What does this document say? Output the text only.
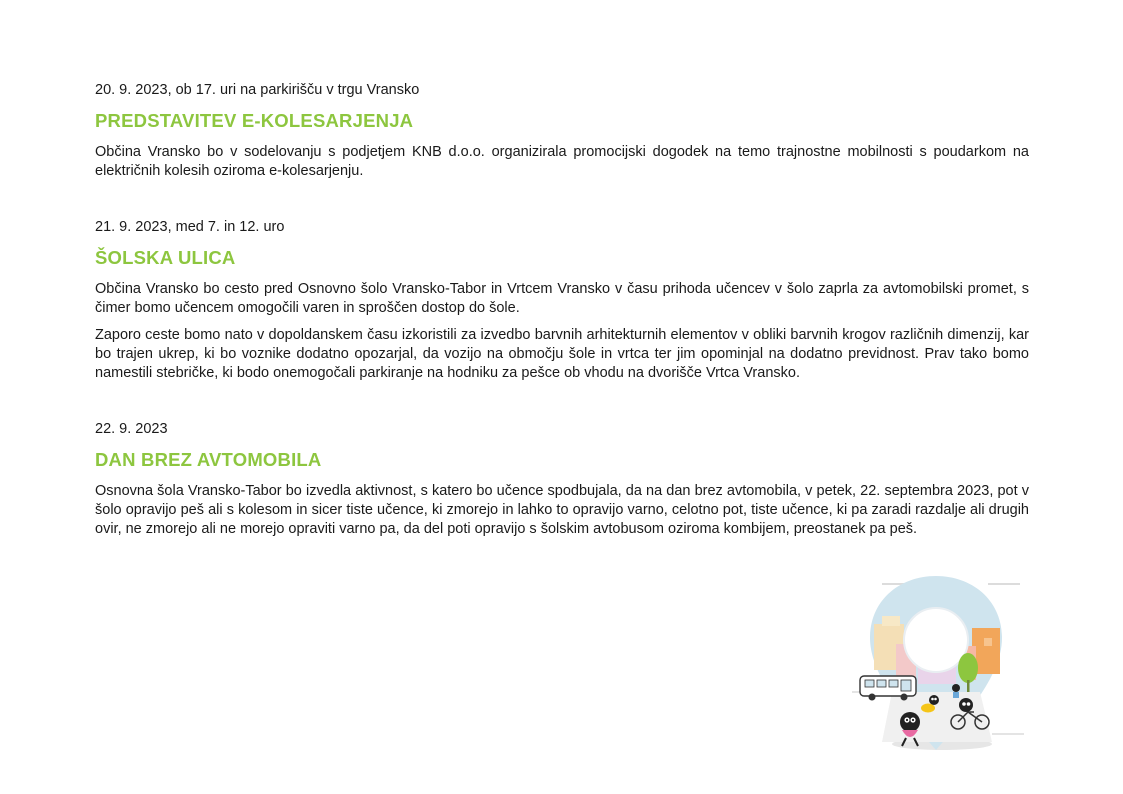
20. 9. 2023, ob 17. uri na parkirišču v trgu Vransko

PREDSTAVITEV E-KOLESARJENJA

Občina Vransko bo v sodelovanju s podjetjem KNB d.o.o. organizirala promocijski dogodek na temo trajnostne mobilnosti s poudarkom na električnih kolesih oziroma e-kolesarjenju.

21. 9. 2023, med 7. in 12. uro

ŠOLSKA ULICA

Občina Vransko bo cesto pred Osnovno šolo Vransko-Tabor in Vrtcem Vransko v času prihoda učencev v šolo zaprla za avtomobilski promet, s čimer bomo učencem omogočili varen in sproščen dostop do šole.

Zaporo ceste bomo nato v dopoldanskem času izkoristili za izvedbo barvnih arhitekturnih elementov v obliki barvnih krogov različnih dimenzij, kar bo trajen ukrep, ki bo voznike dodatno opozarjal, da vozijo na območju šole in vrtca ter jim opominjal na dodatno previdnost. Prav tako bomo namestili stebričke, ki bodo onemogočali parkiranje na hodniku za pešce ob vhodu na dvorišče Vrtca Vransko.

22. 9. 2023

DAN BREZ AVTOMOBILA

Osnovna šola Vransko-Tabor bo izvedla aktivnost, s katero bo učence spodbujala, da na dan brez avtomobila, v petek, 22. septembra 2023, pot v šolo opravijo peš ali s kolesom in sicer tiste učence, ki zmorejo in lahko to opravijo varno, celotno pot, tiste učence, ki pa zaradi razdalje ali drugih ovir, ne zmorejo ali ne morejo opraviti varno pa, da del poti opravijo s šolskim avtobusom oziroma kombijem, preostanek pa peš.
